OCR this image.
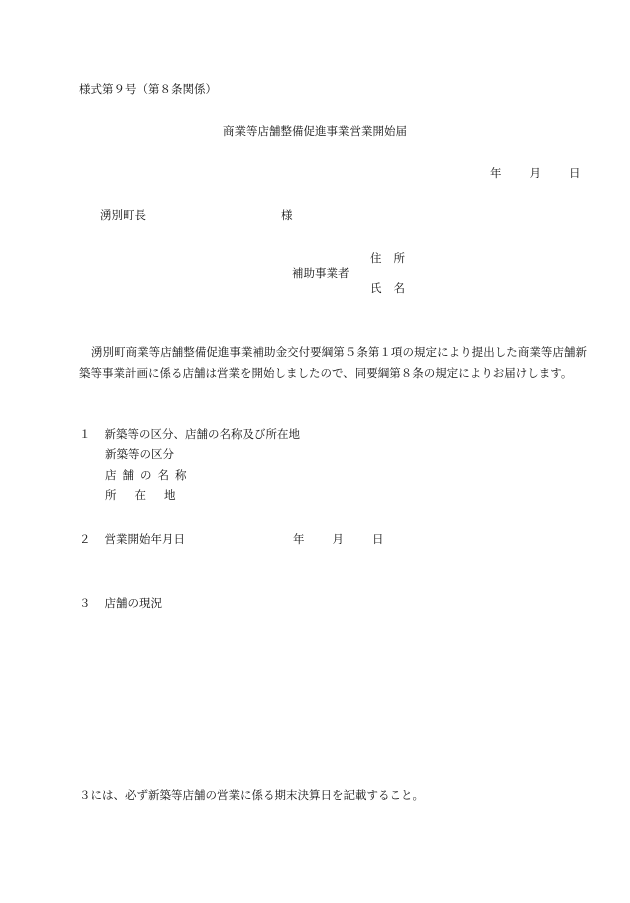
様式第９号（第８条関係）
商業等店舗整備促進事業営業開始届
年 月 日
湧別町長	様
住所
補助事業者
氏名
湧別町商業等店舗整備促進事業補助金交付要綱第５条第１項の規定により提出した商業等店舗新築等事業計画に係る店舗は営業を開始しましたので、同要綱第８条の規定によりお届けします。
１ 新築等の区分、店舗の名称及び所在地
新築等の区分
店舗の名称
所在地
２ 営業開始年月日	年 月 日
３ 店舗の現況
３には、必ず新築等店舗の営業に係る期末決算日を記載すること。
